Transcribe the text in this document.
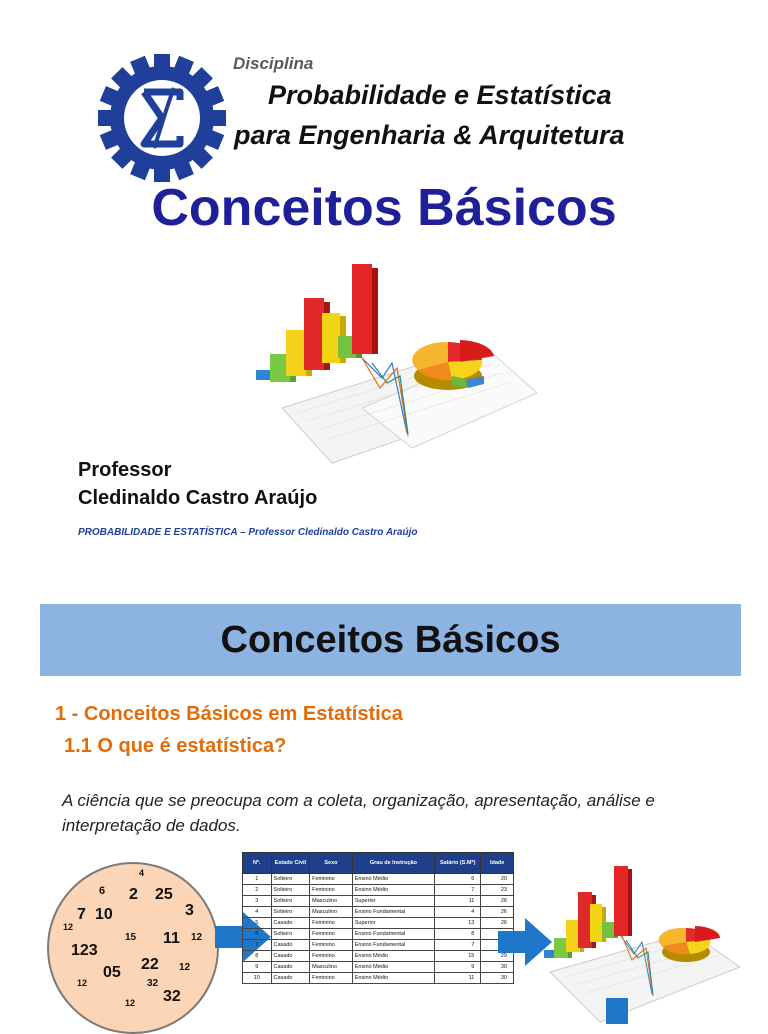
Disciplina
Probabilidade e Estatística
para Engenharia & Arquitetura
Conceitos Básicos
Professor
Cledinaldo Castro Araújo
PROBABILIDADE E ESTATÍSTICA – Professor Cledinaldo Castro Araújo
Conceitos Básicos
1 - Conceitos Básicos em Estatística
1.1 O que é estatística?
A ciência que se preocupa com a coleta, organização, apresentação, análise e interpretação de dados.
4
6 2 25
3
7 10
12
15 11 12
123
05 22 12
12	32
32
12
Nº.	Estado Civil	Sexo	Grau de Instrução	Salário (S.M*)	Idade
1	Solteiro	Feminino	Ensino Médio	6	20
2	Solteiro	Feminino	Ensino Médio	7	23
3	Solteiro	Masculino	Superior	11	26
4	Solteiro	Masculino	Ensino Fundamental	4	26
5	Casado	Feminino	Superior	13	26
6	Solteiro	Feminino	Ensino Fundamental	8	
7	Casado	Feminino	Ensino Fundamental	7	
8	Casado	Feminino	Ensino Médio	15	29
9	Casado	Masculino	Ensino Médio	9	30
10	Casado	Feminino	Ensino Médio	11	30
